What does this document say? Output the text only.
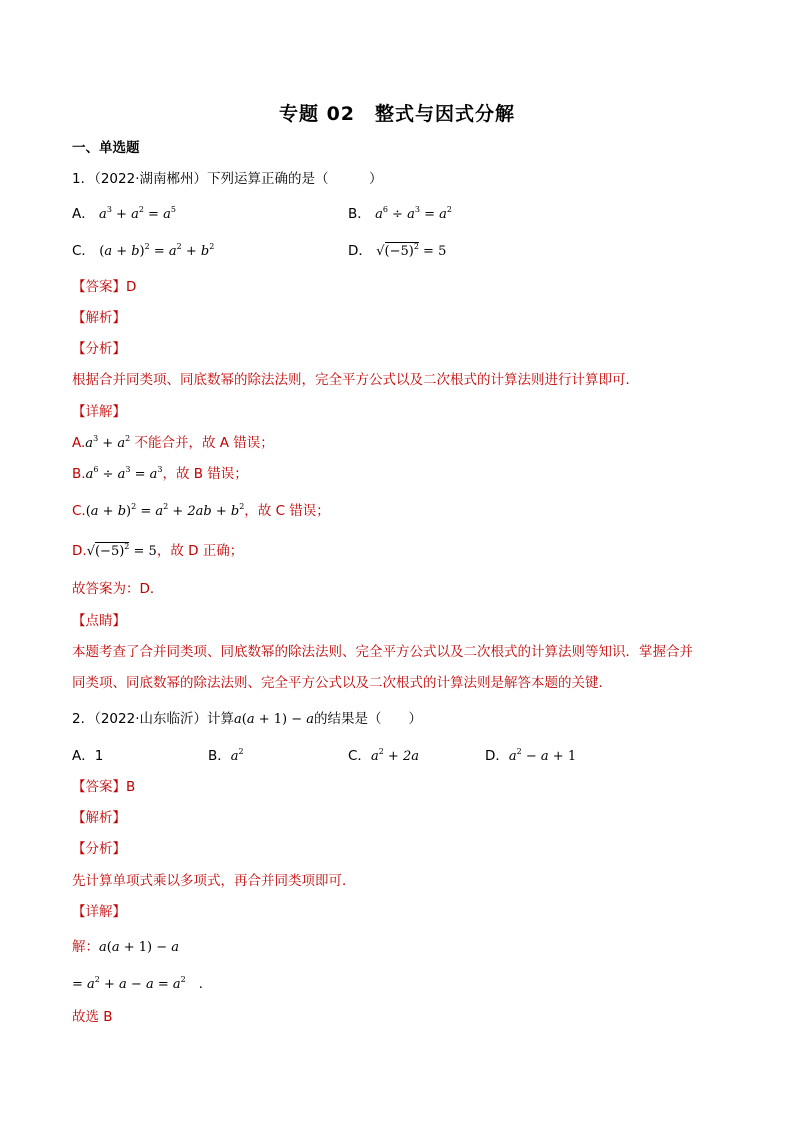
专题 02　整式与因式分解
一、单选题
1．（2022·湖南郴州）下列运算正确的是（　　　）
A． $a^3 + a^2 = a^5$	B． $a^6 \div a^3 = a^2$
C． $(a + b)^2 = a^2 + b^2$	D． $√(-5)^2 = 5$
【答案】D
【解析】
【分析】
根据合并同类项、同底数幂的除法法则，完全平方公式以及二次根式的计算法则进行计算即可．
【详解】
$A.a^3 + a^2$ 不能合并，故 A 错误；
$B.a^6 \div a^3 = a^3$，故 B 错误；
$C.(a + b)^2 = a^2 + 2ab + b^2$，故 C 错误；
$D.√(-5)^2 = 5$，故 D 正确；
故答案为：D．
【点睛】
本题考查了合并同类项、同底数幂的除法法则、完全平方公式以及二次根式的计算法则等知识．掌握合并
同类项、同底数幂的除法法则、完全平方公式以及二次根式的计算法则是解答本题的关键．
2．（2022·山东临沂）计算a(a + 1) − a的结果是（　　）
A．1	B．$a^2$	C．$a^2 + 2a$	D．$a^2 - a + 1$
【答案】B
【解析】
【分析】
先计算单项式乘以多项式，再合并同类项即可．
【详解】
解：a(a + 1) − a
= $a^2 + a - a = a^2$　 .
故选 B
